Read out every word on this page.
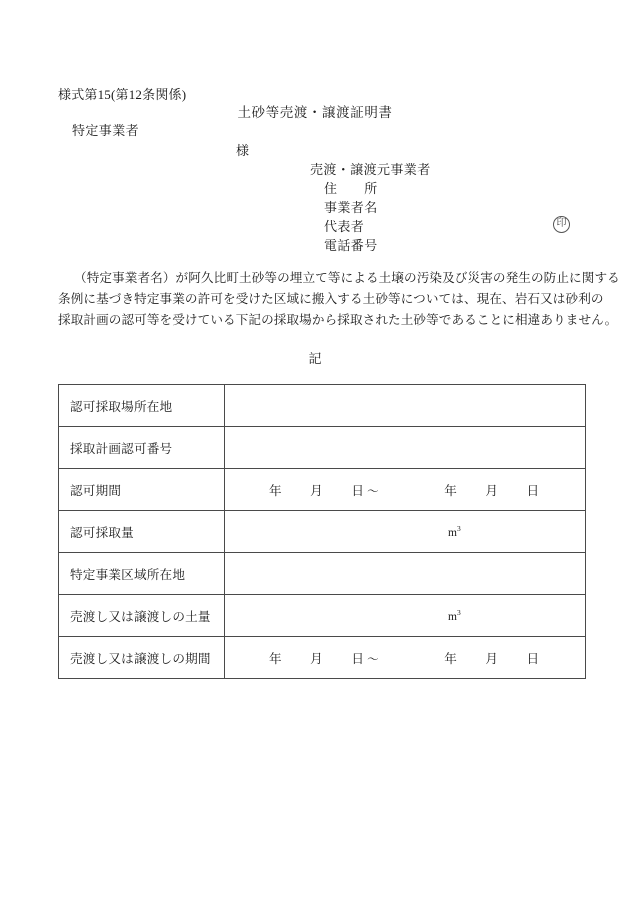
様式第15(第12条関係)
土砂等売渡・譲渡証明書
特定事業者
様
売渡・譲渡元事業者
住　　所
事業者名
代表者
電話番号
印
（特定事業者名）が阿久比町土砂等の埋立て等による土壌の汚染及び災害の発生の防止に関する
条例に基づき特定事業の許可を受けた区域に搬入する土砂等については、現在、岩石又は砂利の
採取計画の認可等を受けている下記の採取場から採取された土砂等であることに相違ありません。
記
認可採取場所在地	
採取計画認可番号	
認可期間	年 月 日 〜 年 月 日

認可採取量	$m^3$

特定事業区域所在地	
売渡し又は譲渡しの土量	$m^3$

売渡し又は譲渡しの期間	年 月 日 〜 年 月 日
